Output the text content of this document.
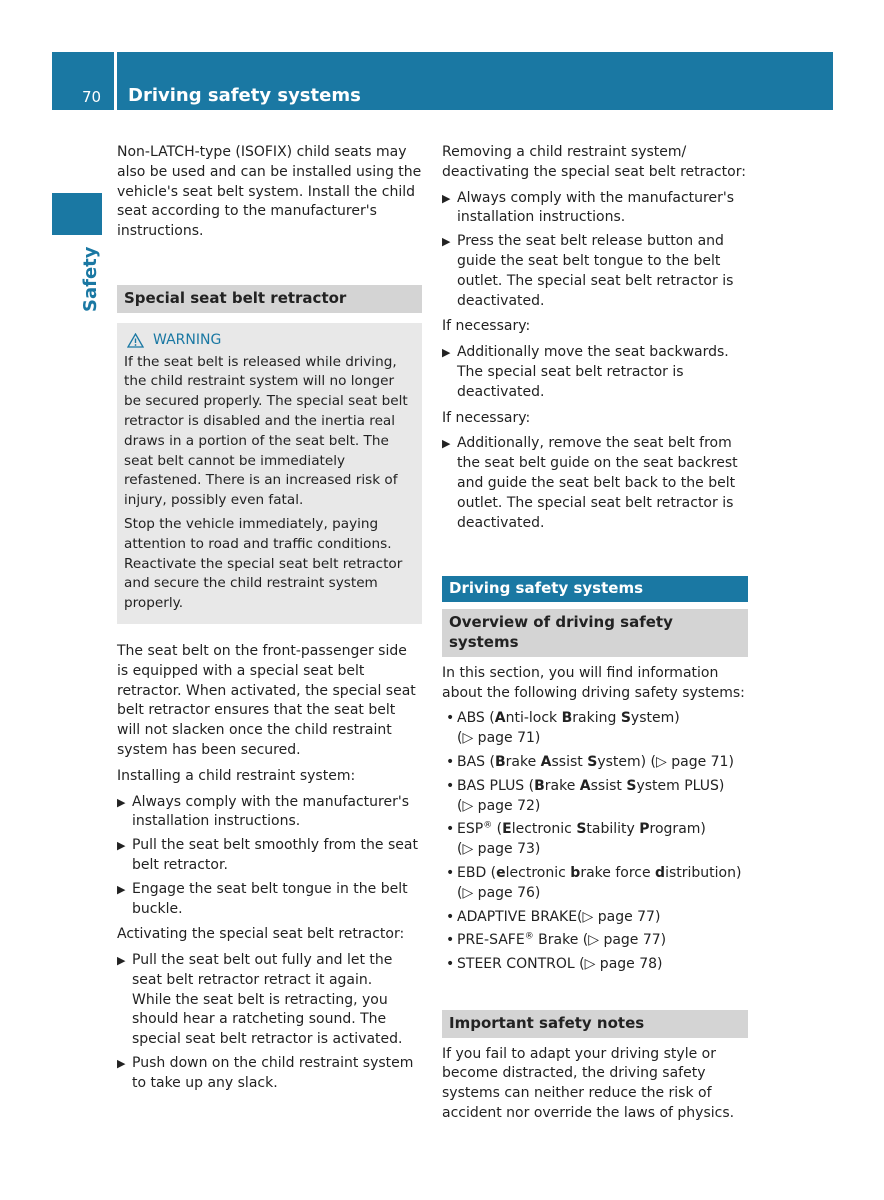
70 Driving safety systems
Safety

Non-LATCH-type (ISOFIX) child seats may also be used and can be installed using the vehicle's seat belt system. Install the child seat according to the manufacturer's instructions.

Special seat belt retractor
WARNING

If the seat belt is released while driving, the child restraint system will no longer be secured properly. The special seat belt retractor is disabled and the inertia real draws in a portion of the seat belt. The seat belt cannot be immediately refastened. There is an increased risk of injury, possibly even fatal.

Stop the vehicle immediately, paying attention to road and traffic conditions. Reactivate the special seat belt retractor and secure the child restraint system properly.

The seat belt on the front-passenger side is equipped with a special seat belt retractor. When activated, the special seat belt retractor ensures that the seat belt will not slacken once the child restraint system has been secured.

Installing a child restraint system:

▶ Always comply with the manufacturer's installation instructions.
▶ Pull the seat belt smoothly from the seat belt retractor.
▶ Engage the seat belt tongue in the belt buckle.

Activating the special seat belt retractor:

▶ Pull the seat belt out fully and let the seat belt retractor retract it again.
While the seat belt is retracting, you should hear a ratcheting sound. The special seat belt retractor is activated.
▶ Push down on the child restraint system to take up any slack.

Removing a child restraint system/ deactivating the special seat belt retractor:

▶ Always comply with the manufacturer's installation instructions.
▶ Press the seat belt release button and guide the seat belt tongue to the belt outlet. The special seat belt retractor is deactivated.

If necessary:

▶ Additionally move the seat backwards. The special seat belt retractor is deactivated.

If necessary:

▶ Additionally, remove the seat belt from the seat belt guide on the seat backrest and guide the seat belt back to the belt outlet. The special seat belt retractor is deactivated.
Driving safety systems
Overview of driving safety systems

In this section, you will find information about the following driving safety systems:

• ABS (Anti-lock Braking System)
(▷ page 71)
• BAS (Brake Assist System) (▷ page 71)
• BAS PLUS (Brake Assist System PLUS)
(▷ page 72)
• ESP® (Electronic Stability Program)
(▷ page 73)
• EBD (electronic brake force distribution)
(▷ page 76)
• ADAPTIVE BRAKE(▷ page 77)
• PRE-SAFE® Brake (▷ page 77)
• STEER CONTROL (▷ page 78)
Important safety notes

If you fail to adapt your driving style or become distracted, the driving safety systems can neither reduce the risk of accident nor override the laws of physics.
